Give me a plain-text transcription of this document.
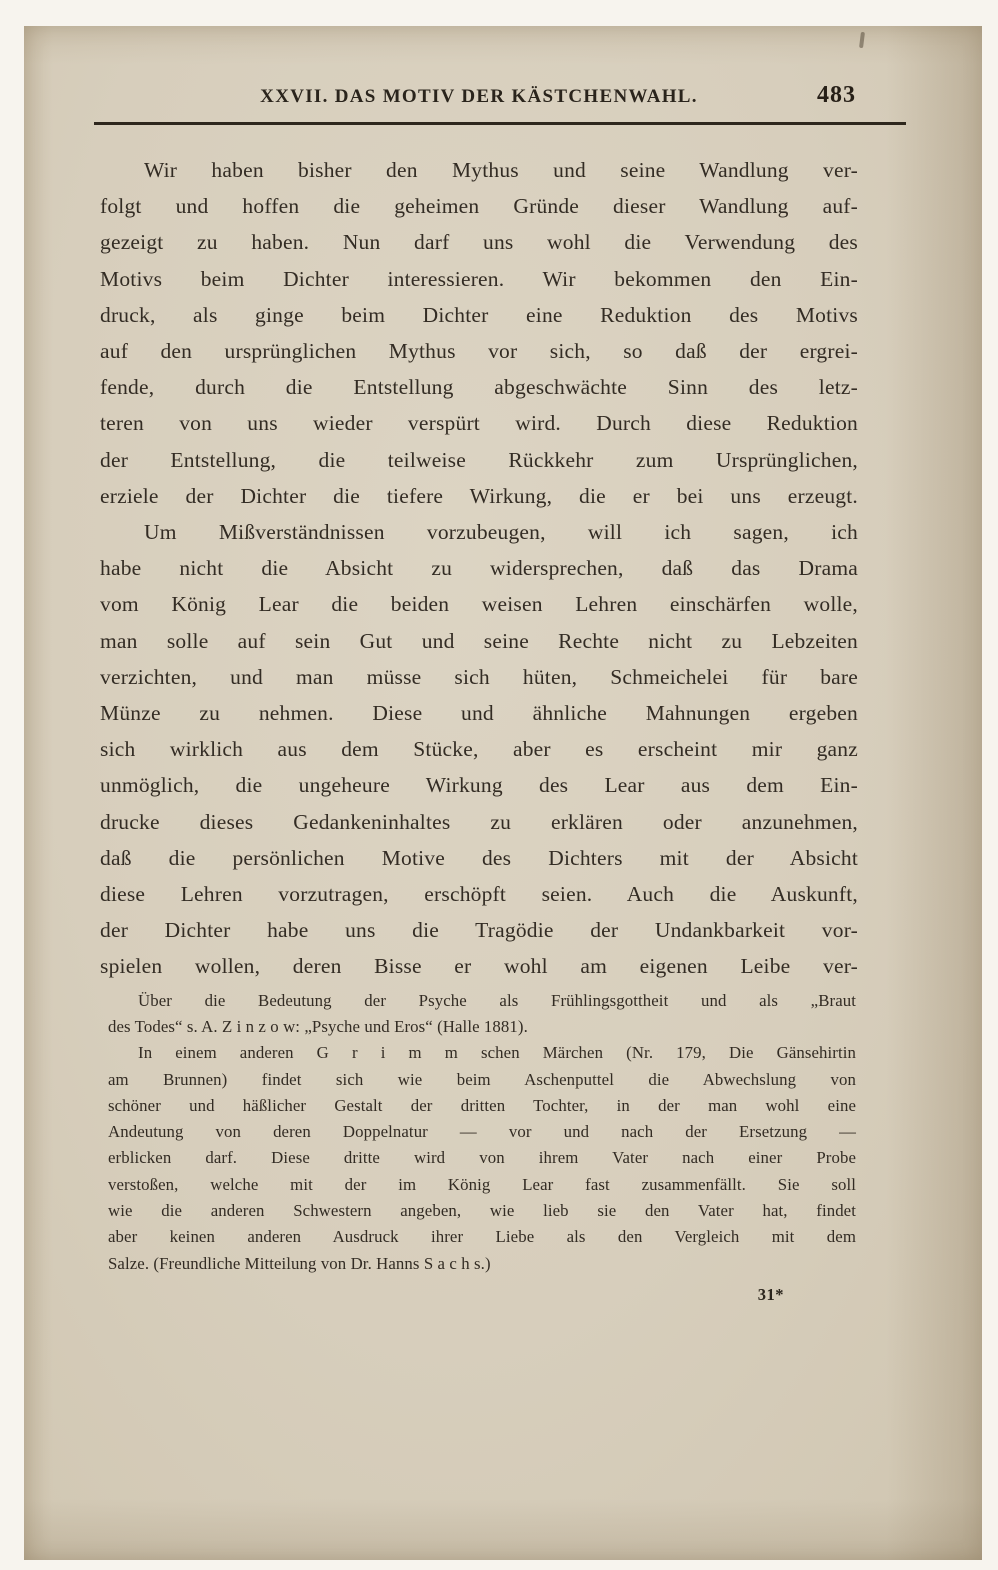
XXVII. DAS MOTIV DER KÄSTCHENWAHL.	483
Wir haben bisher den Mythus und seine Wandlung ver-
folgt und hoffen die geheimen Gründe dieser Wandlung auf-
gezeigt zu haben. Nun darf uns wohl die Verwendung des
Motivs beim Dichter interessieren. Wir bekommen den Ein-
druck, als ginge beim Dichter eine Reduktion des Motivs
auf den ursprünglichen Mythus vor sich, so daß der ergrei-
fende, durch die Entstellung abgeschwächte Sinn des letz-
teren von uns wieder verspürt wird. Durch diese Reduktion
der Entstellung, die teilweise Rückkehr zum Ursprünglichen,
erziele der Dichter die tiefere Wirkung, die er bei uns erzeugt.
Um Mißverständnissen vorzubeugen, will ich sagen, ich
habe nicht die Absicht zu widersprechen, daß das Drama
vom König Lear die beiden weisen Lehren einschärfen wolle,
man solle auf sein Gut und seine Rechte nicht zu Lebzeiten
verzichten, und man müsse sich hüten, Schmeichelei für bare
Münze zu nehmen. Diese und ähnliche Mahnungen ergeben
sich wirklich aus dem Stücke, aber es erscheint mir ganz
unmöglich, die ungeheure Wirkung des Lear aus dem Ein-
drucke dieses Gedankeninhaltes zu erklären oder anzunehmen,
daß die persönlichen Motive des Dichters mit der Absicht
diese Lehren vorzutragen, erschöpft seien. Auch die Auskunft,
der Dichter habe uns die Tragödie der Undankbarkeit vor-
spielen wollen, deren Bisse er wohl am eigenen Leibe ver-
Über die Bedeutung der Psyche als Frühlingsgottheit und als „Braut
des Todes“ s. A. Z i n z o w: „Psyche und Eros“ (Halle 1881).
In einem anderen G r i m m schen Märchen (Nr. 179, Die Gänsehirtin
am Brunnen) findet sich wie beim Aschenputtel die Abwechslung von
schöner und häßlicher Gestalt der dritten Tochter, in der man wohl eine
Andeutung von deren Doppelnatur — vor und nach der Ersetzung —
erblicken darf. Diese dritte wird von ihrem Vater nach einer Probe
verstoßen, welche mit der im König Lear fast zusammenfällt. Sie soll
wie die anderen Schwestern angeben, wie lieb sie den Vater hat, findet
aber keinen anderen Ausdruck ihrer Liebe als den Vergleich mit dem
Salze. (Freundliche Mitteilung von Dr. Hanns S a c h s.)
31*
